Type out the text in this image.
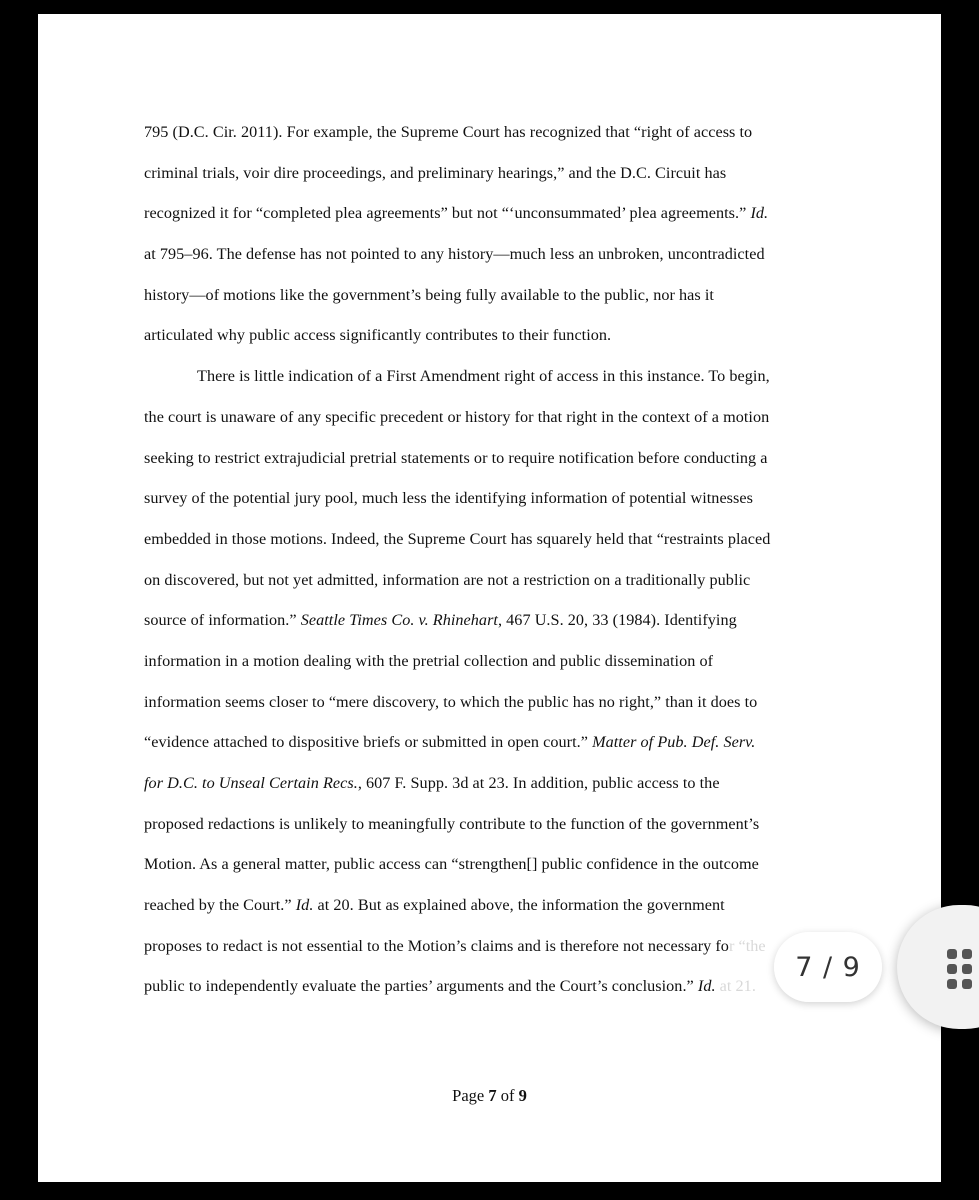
795 (D.C. Cir. 2011). For example, the Supreme Court has recognized that “right of access to
criminal trials, voir dire proceedings, and preliminary hearings,” and the D.C. Circuit has
recognized it for “completed plea agreements” but not “‘unconsummated’ plea agreements.” Id.
at 795–96. The defense has not pointed to any history—much less an unbroken, uncontradicted
history—of motions like the government’s being fully available to the public, nor has it
articulated why public access significantly contributes to their function.
There is little indication of a First Amendment right of access in this instance. To begin,
the court is unaware of any specific precedent or history for that right in the context of a motion
seeking to restrict extrajudicial pretrial statements or to require notification before conducting a
survey of the potential jury pool, much less the identifying information of potential witnesses
embedded in those motions. Indeed, the Supreme Court has squarely held that “restraints placed
on discovered, but not yet admitted, information are not a restriction on a traditionally public
source of information.” Seattle Times Co. v. Rhinehart, 467 U.S. 20, 33 (1984). Identifying
information in a motion dealing with the pretrial collection and public dissemination of
information seems closer to “mere discovery, to which the public has no right,” than it does to
“evidence attached to dispositive briefs or submitted in open court.” Matter of Pub. Def. Serv.
for D.C. to Unseal Certain Recs., 607 F. Supp. 3d at 23. In addition, public access to the
proposed redactions is unlikely to meaningfully contribute to the function of the government’s
Motion. As a general matter, public access can “strengthen[] public confidence in the outcome
reached by the Court.” Id. at 20. But as explained above, the information the government
proposes to redact is not essential to the Motion’s claims and is therefore not necessary for “the
public to independently evaluate the parties’ arguments and the Court’s conclusion.” Id. at 21.
Page 7 of 9
7 / 9
